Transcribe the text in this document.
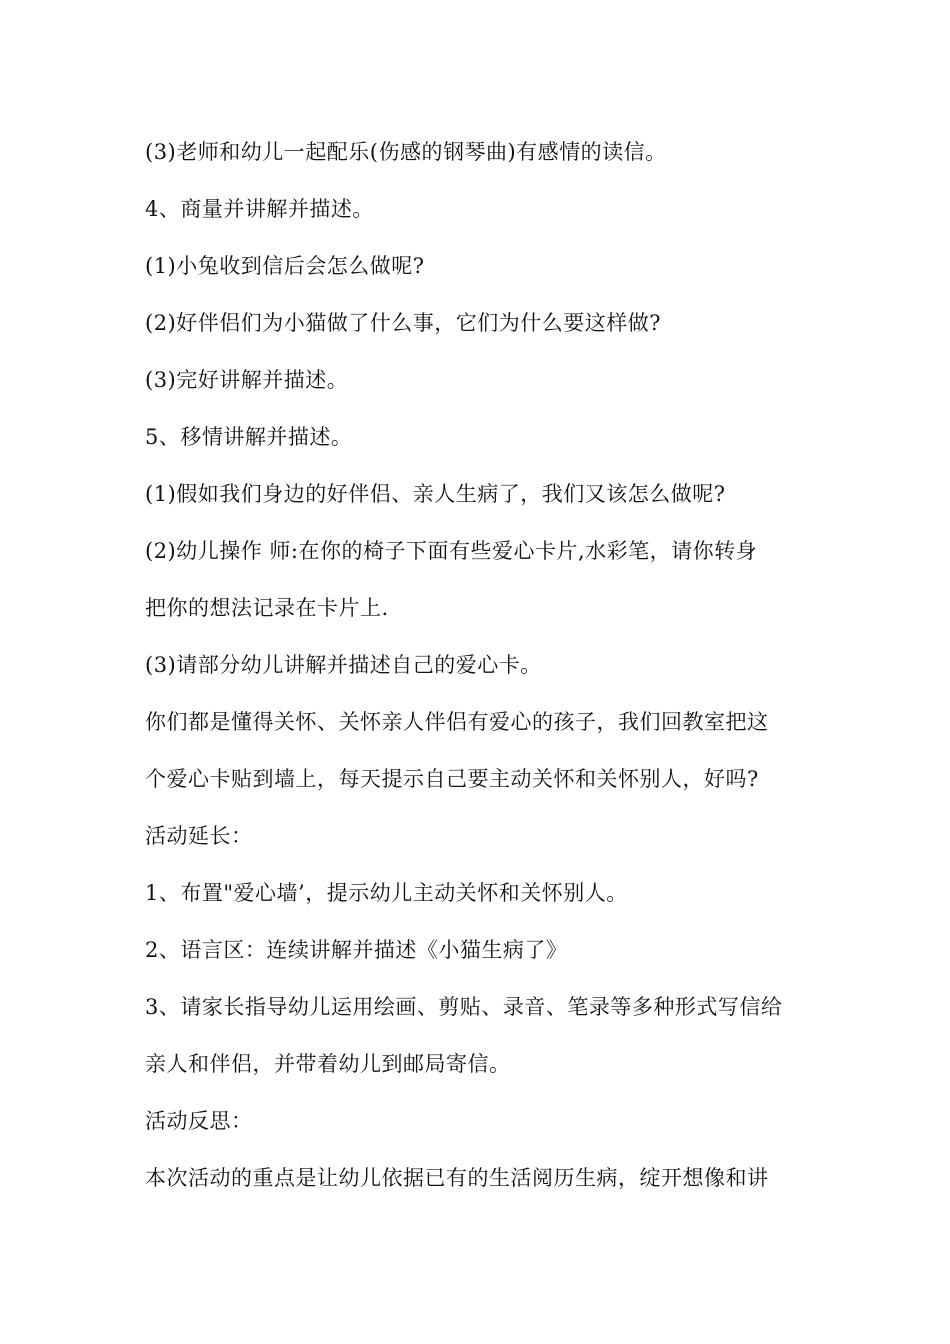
(3)老师和幼儿一起配乐(伤感的钢琴曲)有感情的读信。
4、商量并讲解并描述。
(1)小兔收到信后会怎么做呢?
(2)好伴侣们为小猫做了什么事，它们为什么要这样做?
(3)完好讲解并描述。
5、移情讲解并描述。
(1)假如我们身边的好伴侣、亲人生病了，我们又该怎么做呢?
(2)幼儿操作 师:在你的椅子下面有些爱心卡片,水彩笔，请你转身
把你的想法记录在卡片上.
(3)请部分幼儿讲解并描述自己的爱心卡。
你们都是懂得关怀、关怀亲人伴侣有爱心的孩子，我们回教室把这
个爱心卡贴到墙上，每天提示自己要主动关怀和关怀别人，好吗?
活动延长：
1、布置"爱心墙’，提示幼儿主动关怀和关怀别人。
2、语言区：连续讲解并描述《小猫生病了》
3、请家长指导幼儿运用绘画、剪贴、录音、笔录等多种形式写信给
亲人和伴侣，并带着幼儿到邮局寄信。
活动反思：
本次活动的重点是让幼儿依据已有的生活阅历生病，绽开想像和讲
